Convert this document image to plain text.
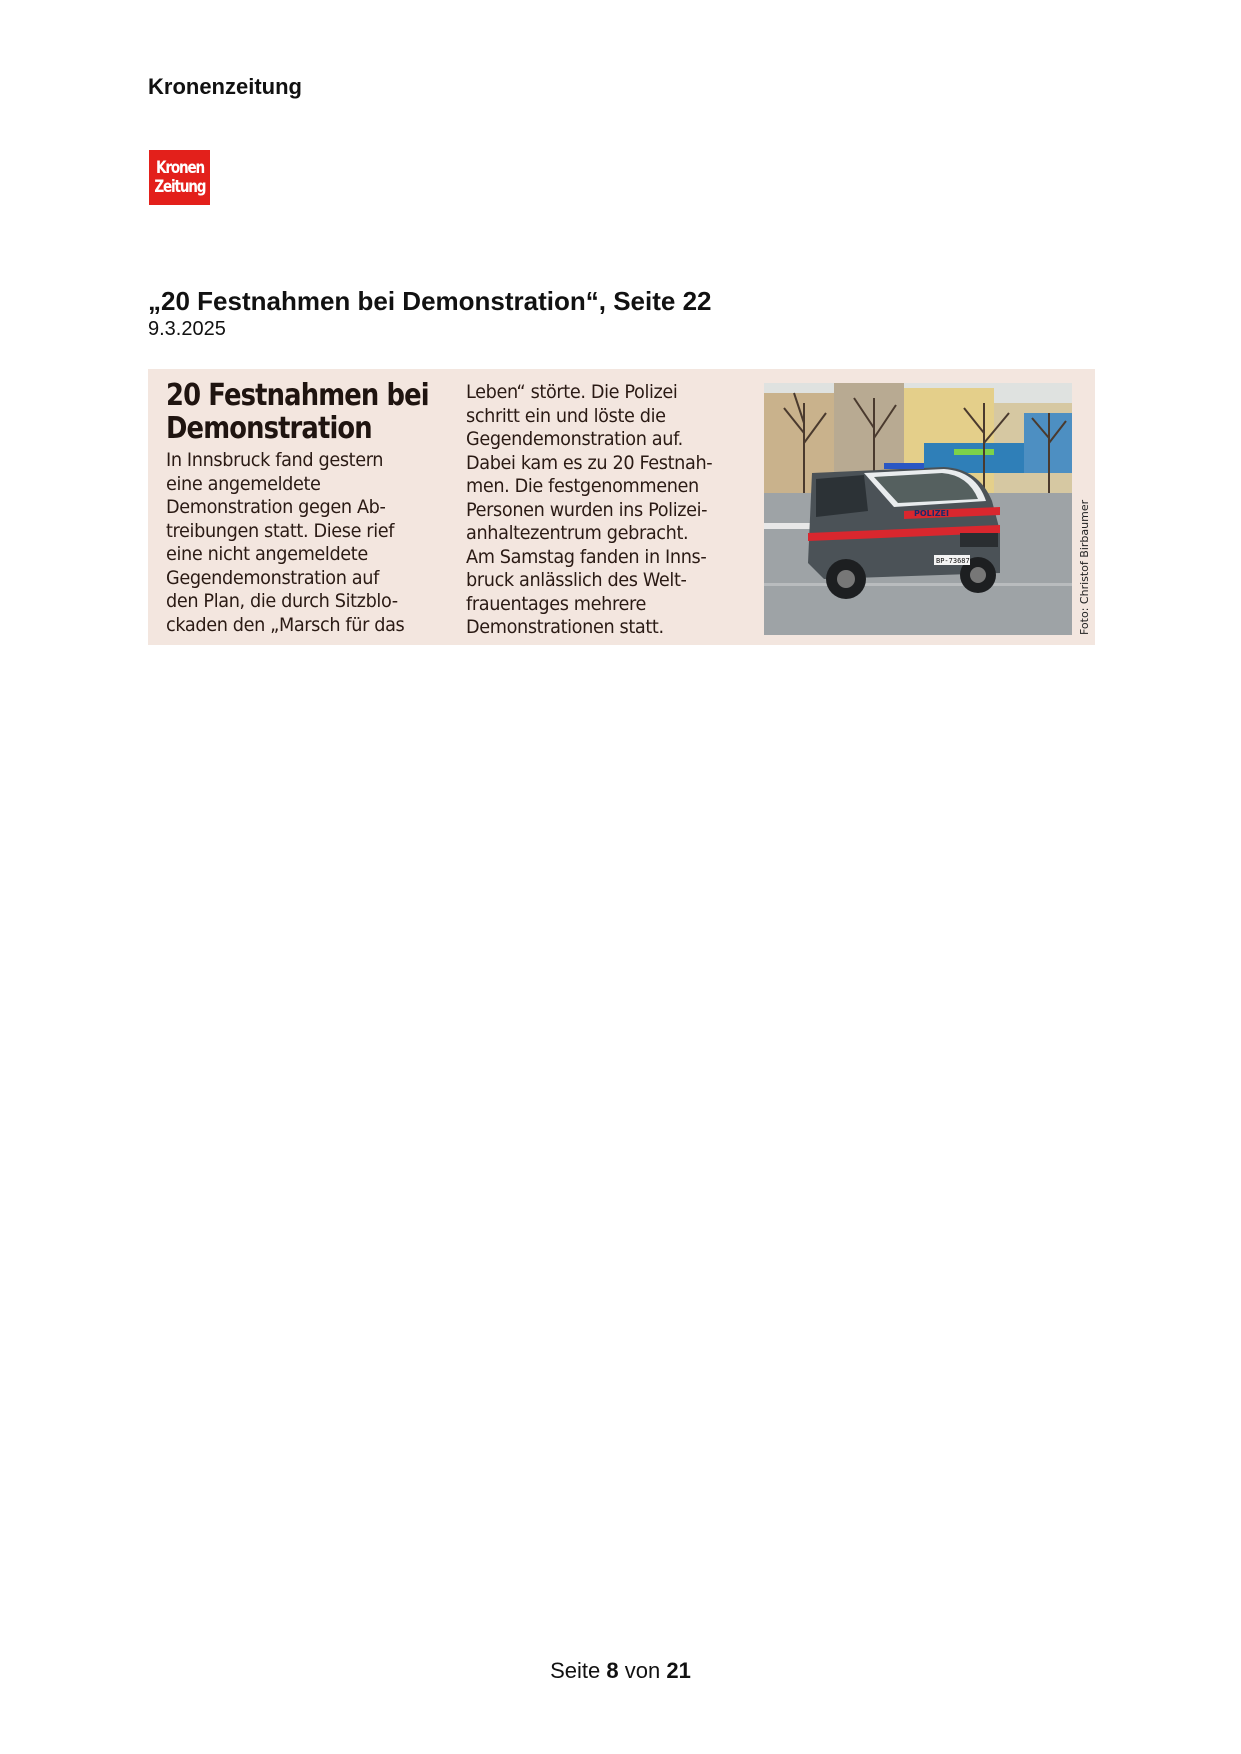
Kronenzeitung
Kronen
Zeitung
„20 Festnahmen bei Demonstration“, Seite 22
9.3.2025
20 Festnahmen bei
Demonstration
In Innsbruck fand gestern
eine angemeldete
Demonstration gegen Ab-
treibungen statt. Diese rief
eine nicht angemeldete
Gegendemonstration auf
den Plan, die durch Sitzblo-
ckaden den „Marsch für das
Leben“ störte. Die Polizei
schritt ein und löste die
Gegendemonstration auf.
Dabei kam es zu 20 Festnah-
men. Die festgenommenen
Personen wurden ins Polizei-
anhaltezentrum gebracht.
Am Samstag fanden in Inns-
bruck anlässlich des Welt-
frauentages mehrere
Demonstrationen statt.
POLIZEI
BP-73687	Foto: Christof Birbaumer
Seite 8 von 21
